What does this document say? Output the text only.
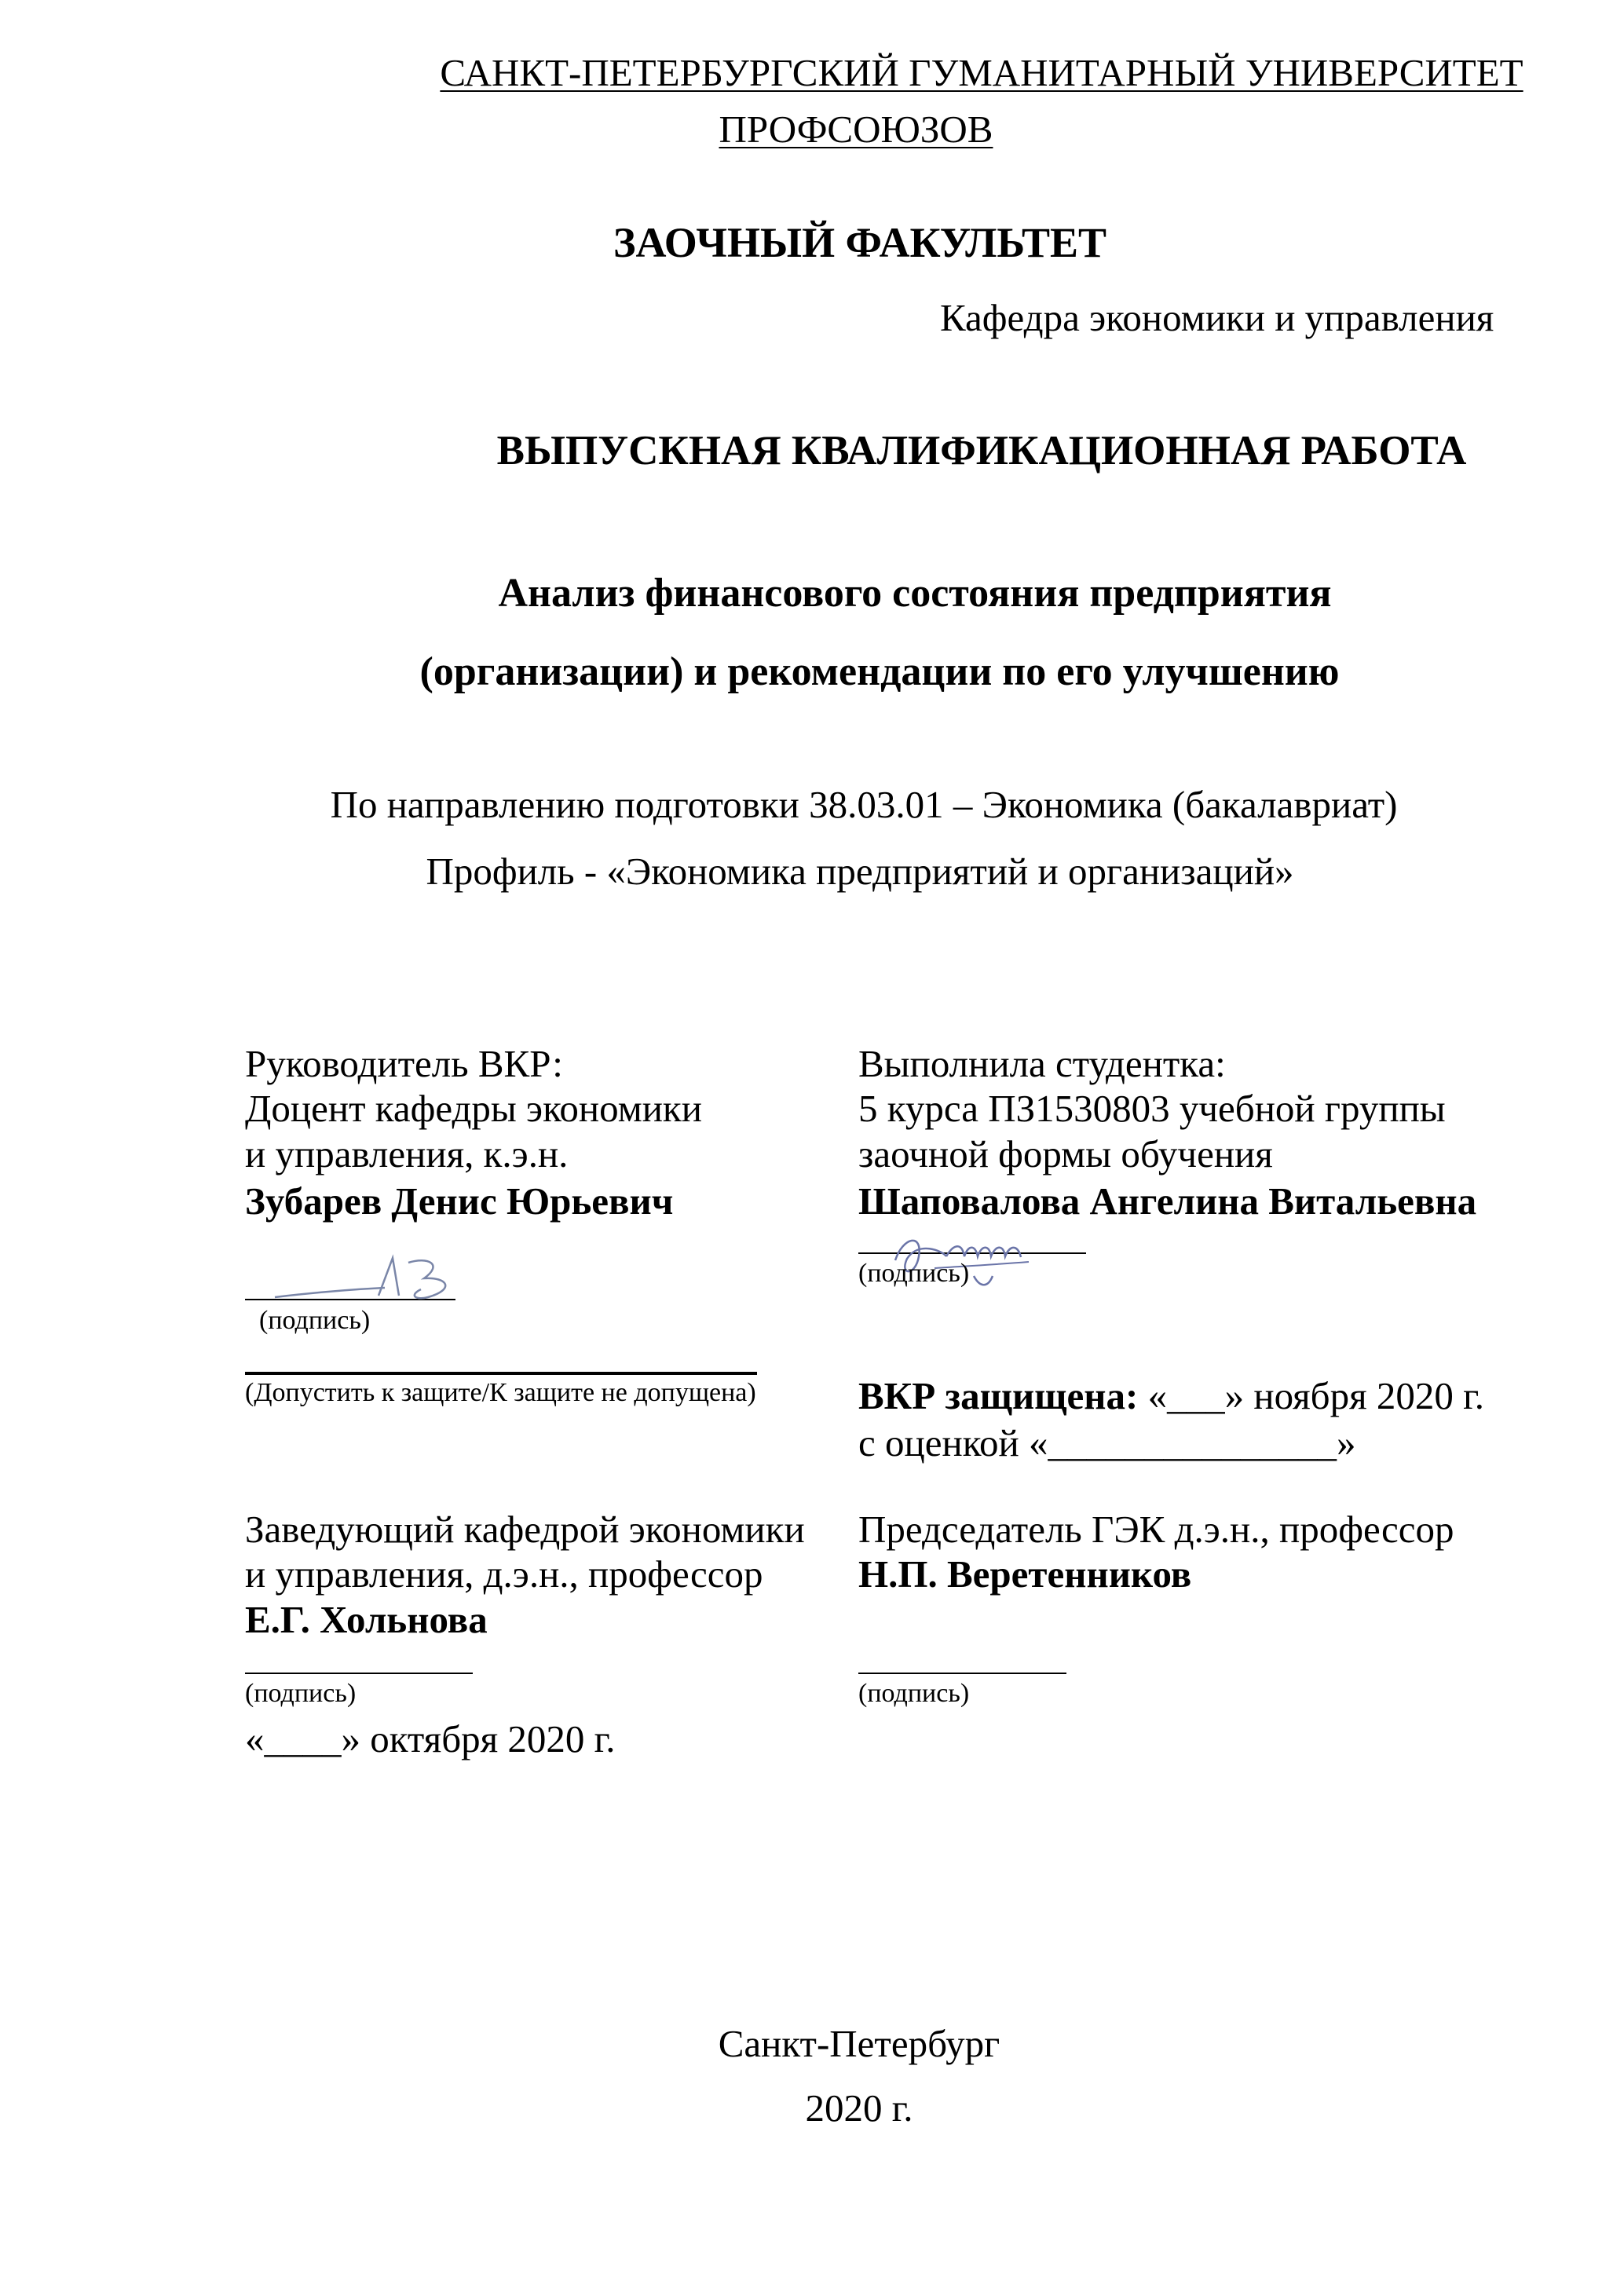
САНКТ-ПЕТЕРБУРГСКИЙ ГУМАНИТАРНЫЙ УНИВЕРСИТЕТ
ПРОФСОЮЗОВ
ЗАОЧНЫЙ ФАКУЛЬТЕТ
Кафедра экономики и управления
ВЫПУСКНАЯ КВАЛИФИКАЦИОННАЯ РАБОТА
Анализ финансового состояния предприятия
(организации) и рекомендации по его улучшению
По направлению подготовки 38.03.01 – Экономика (бакалавриат)
Профиль - «Экономика предприятий и организаций»
Руководитель ВКР:
Доцент кафедры экономики
и управления, к.э.н.
Зубарев Денис Юрьевич
(подпись)
(Допустить к защите/К защите не допущена)
Выполнила студентка:
5 курса ПЗ1530803 учебной группы
заочной формы обучения
Шаповалова Ангелина Витальевна
(подпись)
ВКР защищена: «___» ноября 2020 г.
с оценкой «_______________»
Заведующий кафедрой экономики
и управления, д.э.н., профессор
Е.Г. Хольнова
(подпись)
«____» октября 2020 г.
Председатель ГЭК д.э.н., профессор
Н.П. Веретенников
(подпись)
Санкт-Петербург
2020 г.
